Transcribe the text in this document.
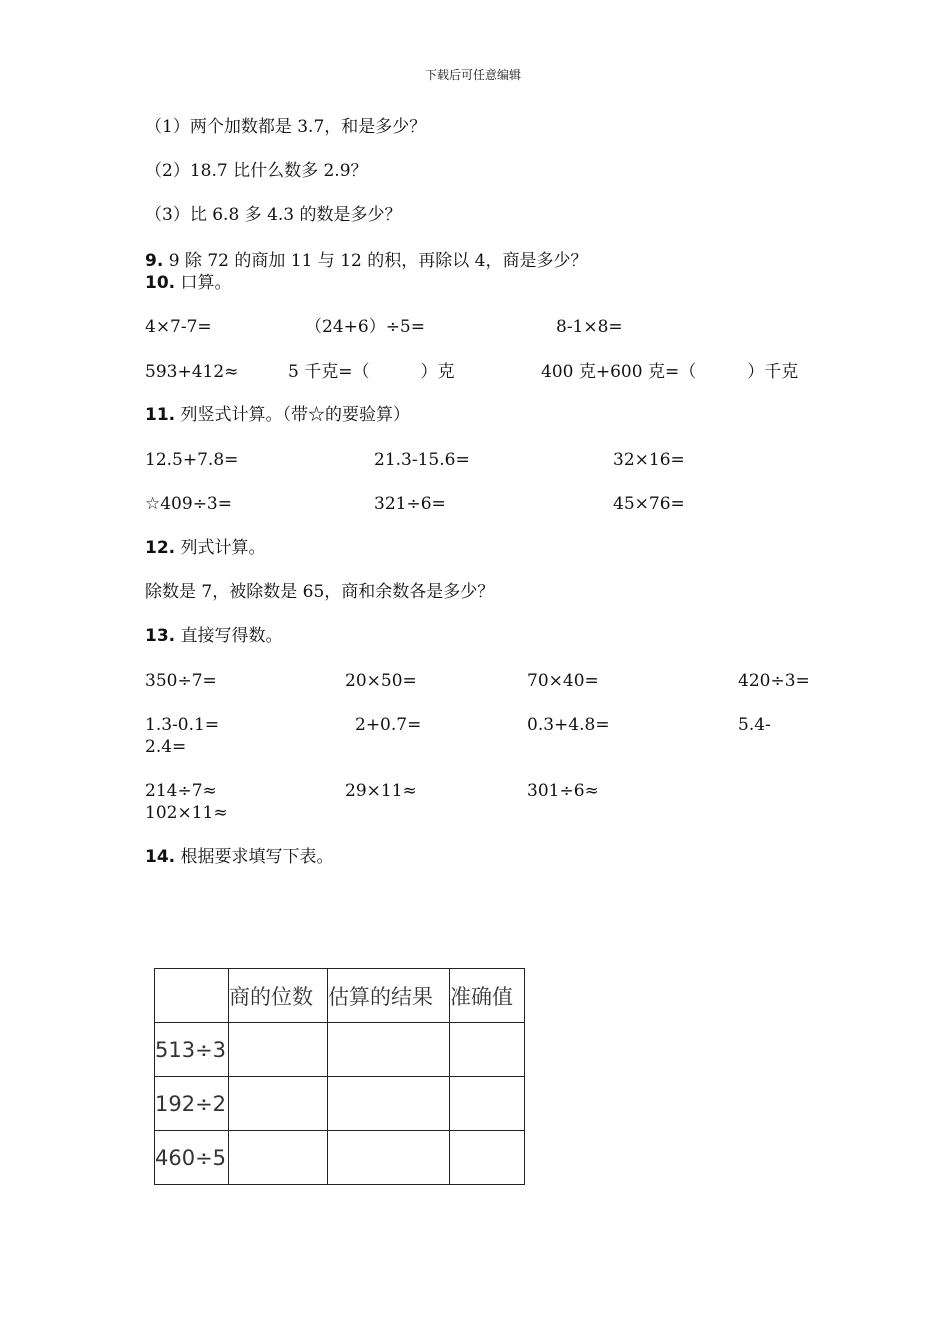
下载后可任意编辑
（1）两个加数都是 3.7，和是多少？
（2）18.7 比什么数多 2.9？
（3）比 6.8 多 4.3 的数是多少？
9. 9 除 72 的商加 11 与 12 的积，再除以 4，商是多少？
10. 口算。
4×7-7=	（24+6）÷5=	8-1×8=
593+412≈	5 千克=（　　　）克	400 克+600 克=（　　　）千克
11. 列竖式计算。（带☆的要验算）
12.5+7.8=	21.3-15.6=	32×16=
☆409÷3=	321÷6=	45×76=
12. 列式计算。
除数是 7，被除数是 65，商和余数各是多少？
13. 直接写得数。
350÷7=	20×50=	70×40=	420÷3=
1.3-0.1=	2+0.7=	0.3+4.8=	5.4-
2.4=
214÷7≈	29×11≈	301÷6≈
102×11≈
14. 根据要求填写下表。
	商的位数	估算的结果	准确值
513÷3			
192÷2			
460÷5			
